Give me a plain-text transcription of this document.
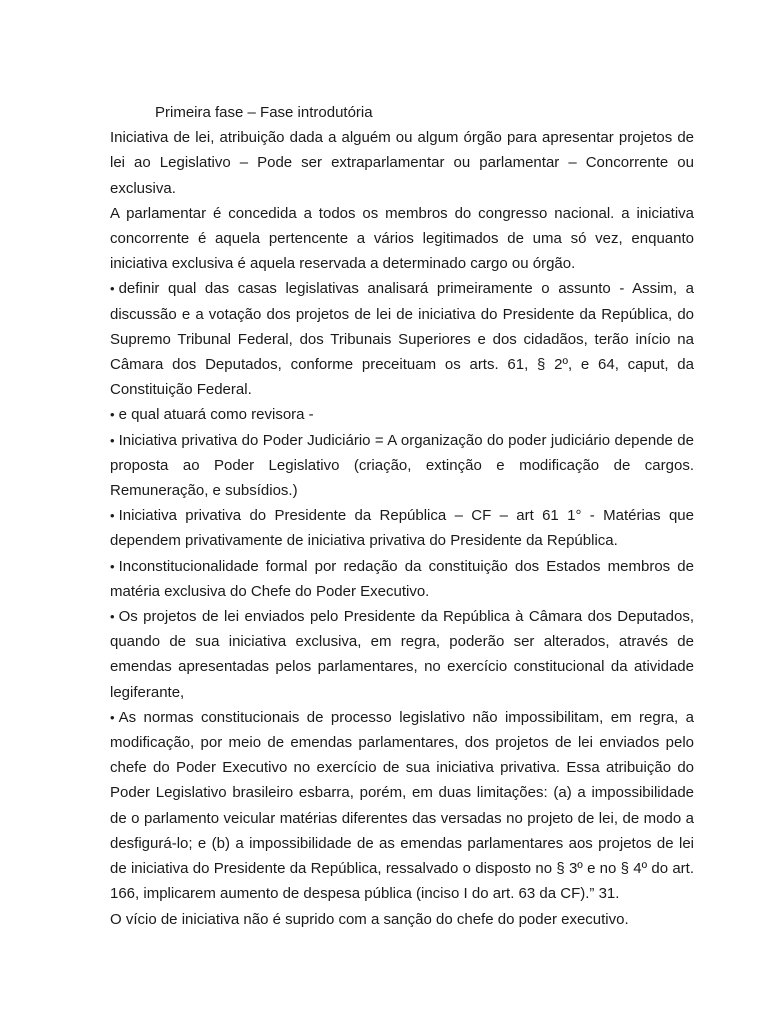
Primeira fase – Fase introdutória

Iniciativa de lei, atribuição dada a alguém ou algum órgão para apresentar projetos de lei ao Legislativo – Pode ser extraparlamentar ou parlamentar – Concorrente ou exclusiva.

A parlamentar é concedida a todos os membros do congresso nacional. a iniciativa concorrente é aquela pertencente a vários legitimados de uma só vez, enquanto iniciativa exclusiva é aquela reservada a determinado cargo ou órgão.

• definir qual das casas legislativas analisará primeiramente o assunto - Assim, a discussão e a votação dos projetos de lei de iniciativa do Presidente da República, do Supremo Tribunal Federal, dos Tribunais Superiores e dos cidadãos, terão início na Câmara dos Deputados, conforme preceituam os arts. 61, § 2º, e 64, caput, da Constituição Federal.

• e qual atuará como revisora -

• Iniciativa privativa do Poder Judiciário = A organização do poder judiciário depende de proposta ao Poder Legislativo (criação, extinção e modificação de cargos. Remuneração, e subsídios.)

• Iniciativa privativa do Presidente da República – CF – art 61 1° - Matérias que dependem privativamente de iniciativa privativa do Presidente da República.

• Inconstitucionalidade formal por redação da constituição dos Estados membros de matéria exclusiva do Chefe do Poder Executivo.

• Os projetos de lei enviados pelo Presidente da República à Câmara dos Deputados, quando de sua iniciativa exclusiva, em regra, poderão ser alterados, através de emendas apresentadas pelos parlamentares, no exercício constitucional da atividade legiferante,

• As normas constitucionais de processo legislativo não impossibilitam, em regra, a modificação, por meio de emendas parlamentares, dos projetos de lei enviados pelo chefe do Poder Executivo no exercício de sua iniciativa privativa. Essa atribuição do Poder Legislativo brasileiro esbarra, porém, em duas limitações: (a) a impossibilidade de o parlamento veicular matérias diferentes das versadas no projeto de lei, de modo a desfigurá-lo; e (b) a impossibilidade de as emendas parlamentares aos projetos de lei de iniciativa do Presidente da República, ressalvado o disposto no § 3º e no § 4º do art. 166, implicarem aumento de despesa pública (inciso I do art. 63 da CF).” 31.

O vício de iniciativa não é suprido com a sanção do chefe do poder executivo.
